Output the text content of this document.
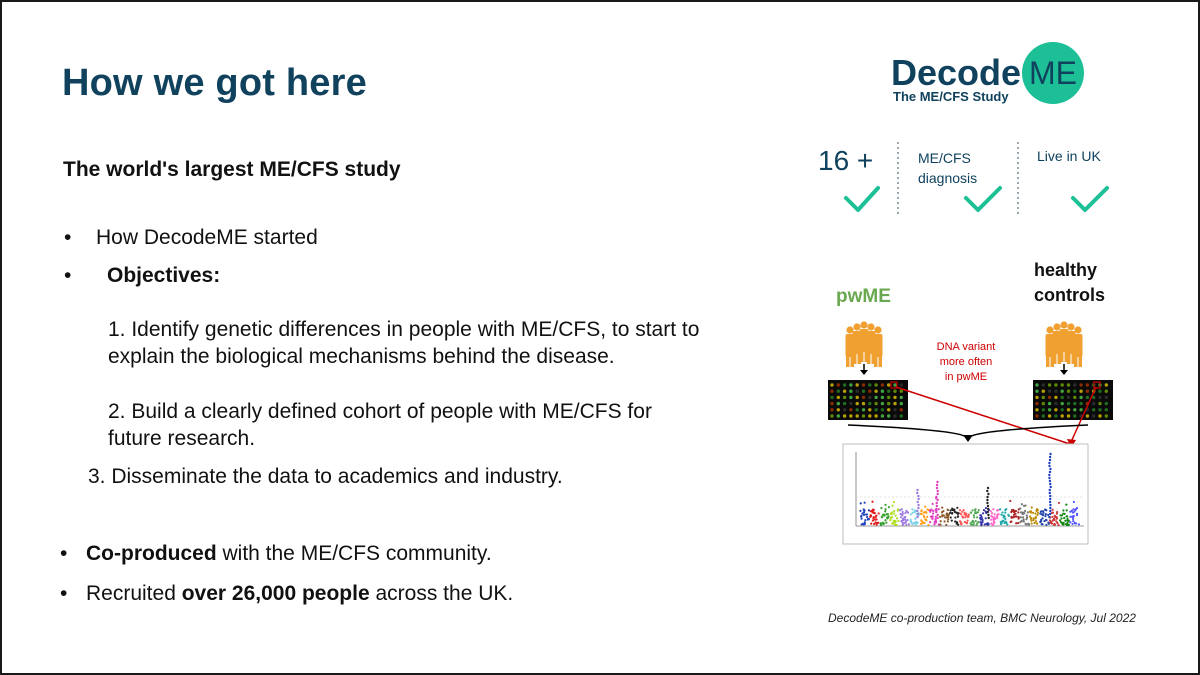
How we got here

The world's largest ME/CFS study

• How DecodeME started
• Objectives:
1. Identify genetic differences in people with ME/CFS, to start to
explain the biological mechanisms behind the disease.
2. Build a clearly defined cohort of people with ME/CFS for
future research.
3. Disseminate the data to academics and industry.
• Co-produced with the ME/CFS community.
• Recruited over 26,000 people across the UK.
DecodeME co-production team, BMC Neurology, Jul 2022
Decode ME
The ME/CFS Study
16 +	ME/CFS
diagnosis
Live in UK
pwME
healthy
controls
DNA variant
more often
in pwME
